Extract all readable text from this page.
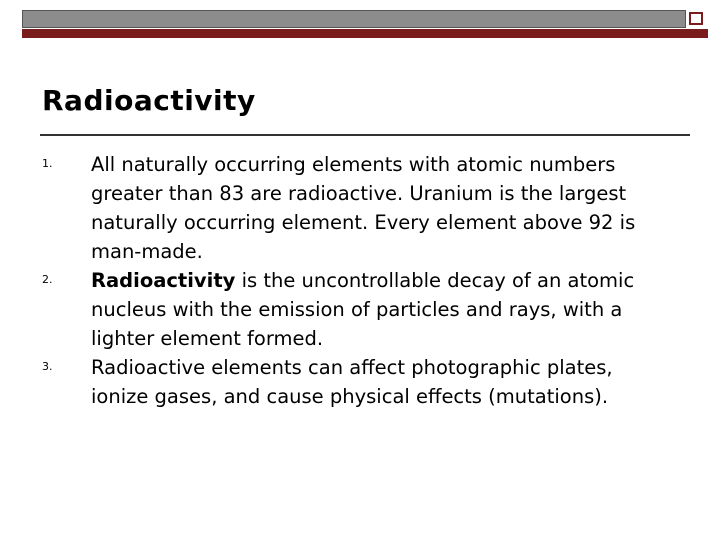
Radioactivity
1. All naturally occurring elements with atomic numbers greater than 83 are radioactive. Uranium is the largest naturally occurring element. Every element above 92 is man-made.
2. Radioactivity is the uncontrollable decay of an atomic nucleus with the emission of particles and rays, with a lighter element formed.
3. Radioactive elements can affect photographic plates, ionize gases, and cause physical effects (mutations).
